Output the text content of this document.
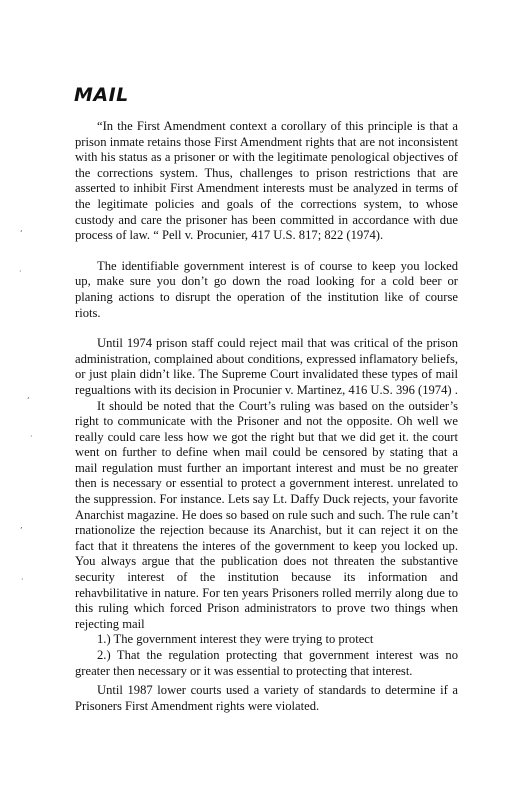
MAIL

“In the First Amendment context a corollary of this principle is that a prison inmate retains those First Amendment rights that are not inconsistent with his status as a prisoner or with the legitimate penological objectives of the corrections system. Thus, challenges to prison restrictions that are asserted to inhibit First Amendment interests must be analyzed in terms of the legitimate policies and goals of the corrections system, to whose custody and care the prisoner has been committed in accordance with due process of law. “ Pell v. Procunier, 417 U.S. 817; 822 (1974).

The identifiable government interest is of course to keep you locked up, make sure you don’t go down the road looking for a cold beer or planing actions to disrupt the operation of the institution like of course riots.

Until 1974 prison staff could reject mail that was critical of the prison administration, complained about conditions, expressed inflamatory beliefs, or just plain didn’t like. The Supreme Court invalidated these types of mail regualtions with its decision in Procunier v. Martinez, 416 U.S. 396 (1974) .

It should be noted that the Court’s ruling was based on the outsider’s right to communicate with the Prisoner and not the opposite. Oh well we really could care less how we got the right but that we did get it. the court went on further to define when mail could be censored by stating that a mail regulation must further an important interest and must be no greater then is necessary or essential to protect a government interest. unrelated to the suppression. For instance. Lets say Lt. Daffy Duck rejects, your favorite Anarchist magazine. He does so based on rule such and such. The rule can’t rnationolize the rejection because its Anarchist, but it can reject it on the fact that it threatens the interes of the government to keep you locked up. You always argue that the publication does not threaten the substantive security interest of the institution because its information and rehavbilitative in nature. For ten years Prisoners rolled merrily along due to this ruling which forced Prison administrators to prove two things when rejecting mail

1.) The government interest they were trying to protect

2.) That the regulation protecting that government interest was no greater then necessary or it was essential to protecting that interest.

Until 1987 lower courts used a variety of standards to determine if a Prisoners First Amendment rights were violated.

‘
·
‘
·
’
·
